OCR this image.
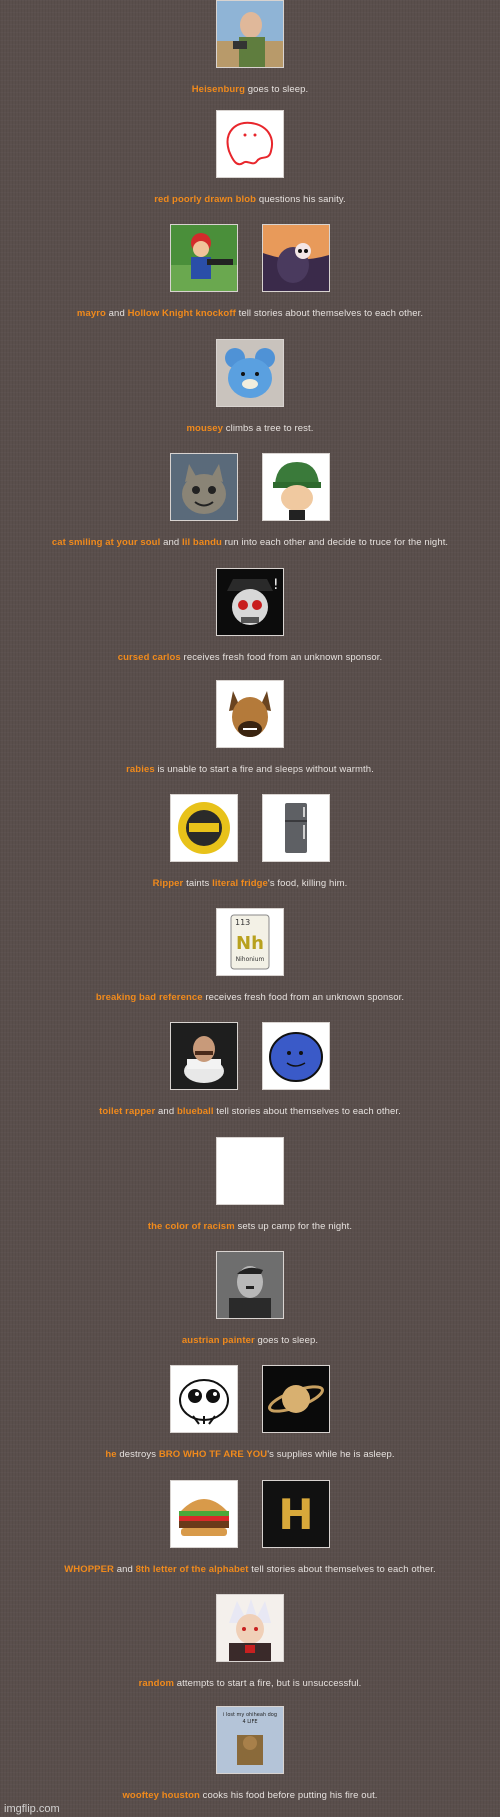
Heisenburg goes to sleep.
red poorly drawn blob questions his sanity.
mayro and Hollow Knight knockoff tell stories about themselves to each other.
mousey climbs a tree to rest.
cat smiling at your soul and lil bandu run into each other and decide to truce for the night.
!
cursed carlos receives fresh food from an unknown sponsor.
rabies is unable to start a fire and sleeps without warmth.
Ripper taints literal fridge's food, killing him.
113
Nh
Nihonium
breaking bad reference receives fresh food from an unknown sponsor.
toilet rapper and blueball tell stories about themselves to each other.
the color of racism sets up camp for the night.
austrian painter goes to sleep.
he destroys BRO WHO TF ARE YOU's supplies while he is asleep.
H
WHOPPER and 8th letter of the alphabet tell stories about themselves to each other.
random attempts to start a fire, but is unsuccessful.
i lost my ohiheah dog
4 LIFE
wooftey houston cooks his food before putting his fire out.
imgflip.com
